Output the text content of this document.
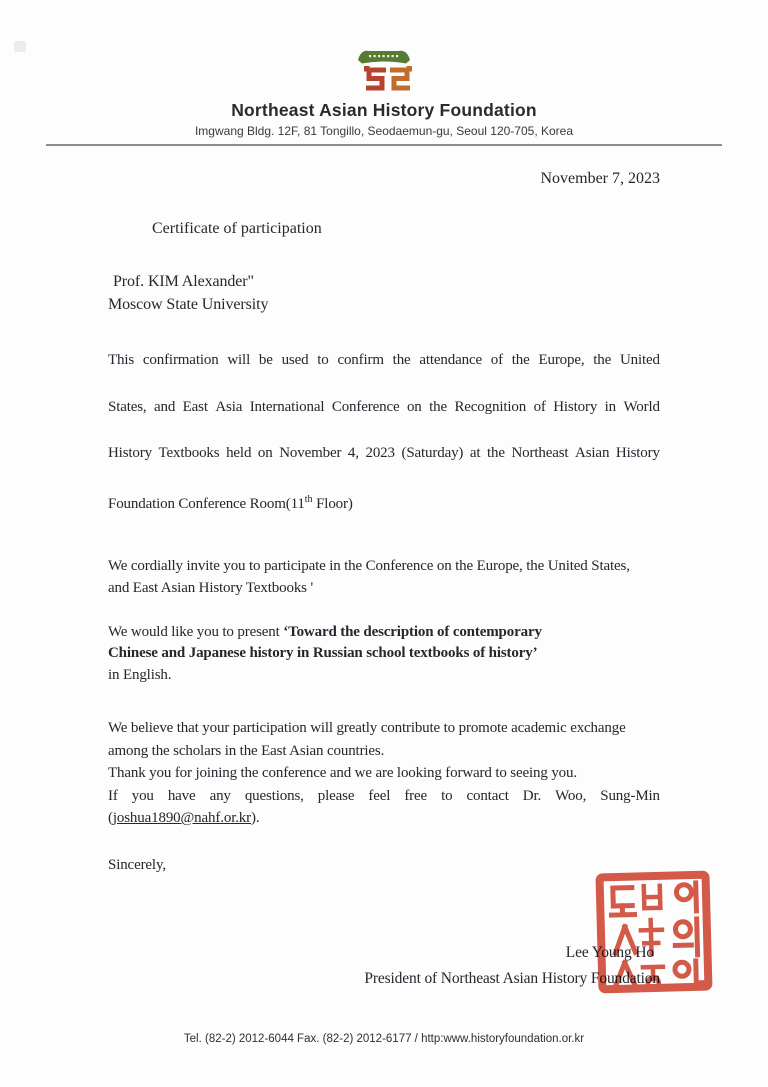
Northeast Asian History Foundation
Imgwang Bldg. 12F, 81 Tongillo, Seodaemun-gu, Seoul 120-705, Korea
November 7, 2023
Certificate of participation
Prof. KIM Alexander"
Moscow State University
This confirmation will be used to confirm the attendance of the Europe, the United
States, and East Asia International Conference on the Recognition of History in World
History Textbooks held on November 4, 2023 (Saturday) at the Northeast Asian History
Foundation Conference Room(11th Floor)
We cordially invite you to participate in the Conference on the Europe, the United States,
and East Asian History Textbooks '
We would like you to present ‘Toward the description of contemporary
Chinese and Japanese history in Russian school textbooks of history’
in English.
We believe that your participation will greatly contribute to promote academic exchange
among the scholars in the East Asian countries.
Thank you for joining the conference and we are looking forward to seeing you.
If you have any questions, please feel free to contact Dr. Woo, Sung-Min
(joshua1890@nahf.or.kr).
Sincerely,
Lee Young Ho
President of Northeast Asian History Foundation
Tel. (82-2) 2012-6044 Fax. (82-2) 2012-6177 / http:www.historyfoundation.or.kr
